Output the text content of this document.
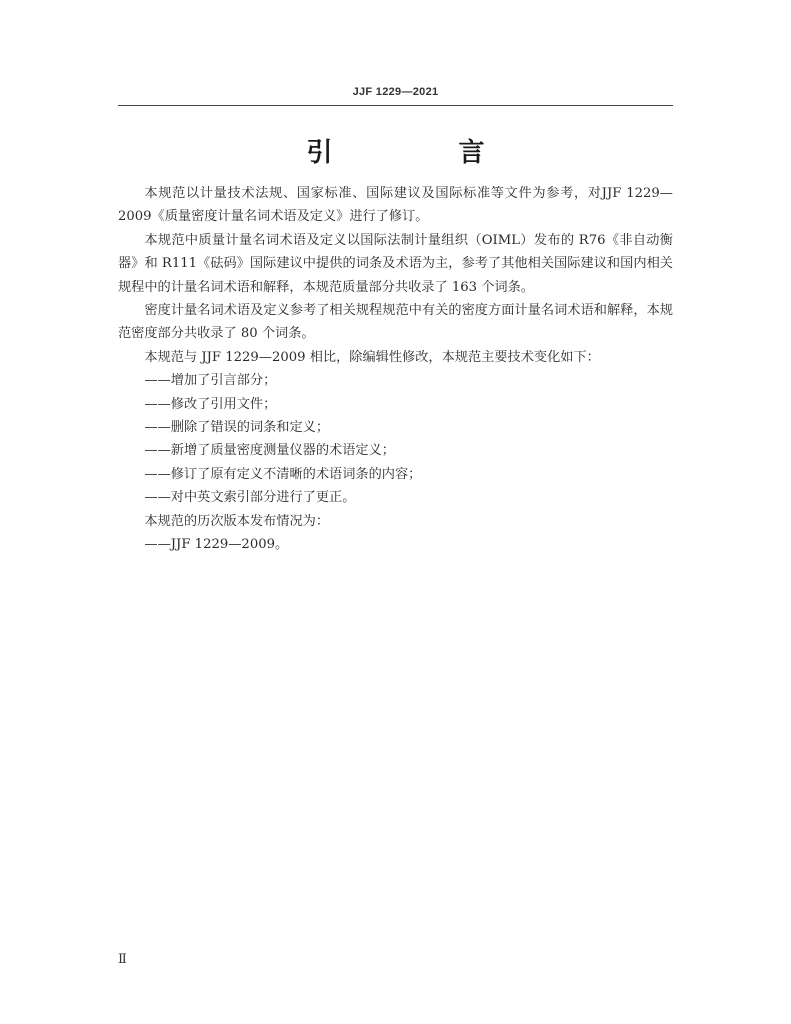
JJF 1229—2021
引　言

本规范以计量技术法规、国家标准、国际建议及国际标准等文件为参考，对JJF 1229—2009《质量密度计量名词术语及定义》进行了修订。

本规范中质量计量名词术语及定义以国际法制计量组织（OIML）发布的 R76《非自动衡器》和 R111《砝码》国际建议中提供的词条及术语为主，参考了其他相关国际建议和国内相关规程中的计量名词术语和解释，本规范质量部分共收录了 163 个词条。

密度计量名词术语及定义参考了相关规程规范中有关的密度方面计量名词术语和解释，本规范密度部分共收录了 80 个词条。

本规范与 JJF 1229—2009 相比，除编辑性修改，本规范主要技术变化如下：

——增加了引言部分；

——修改了引用文件；

——删除了错误的词条和定义；

——新增了质量密度测量仪器的术语定义；

——修订了原有定义不清晰的术语词条的内容；

——对中英文索引部分进行了更正。

本规范的历次版本发布情况为：

——JJF 1229—2009。

Ⅱ
